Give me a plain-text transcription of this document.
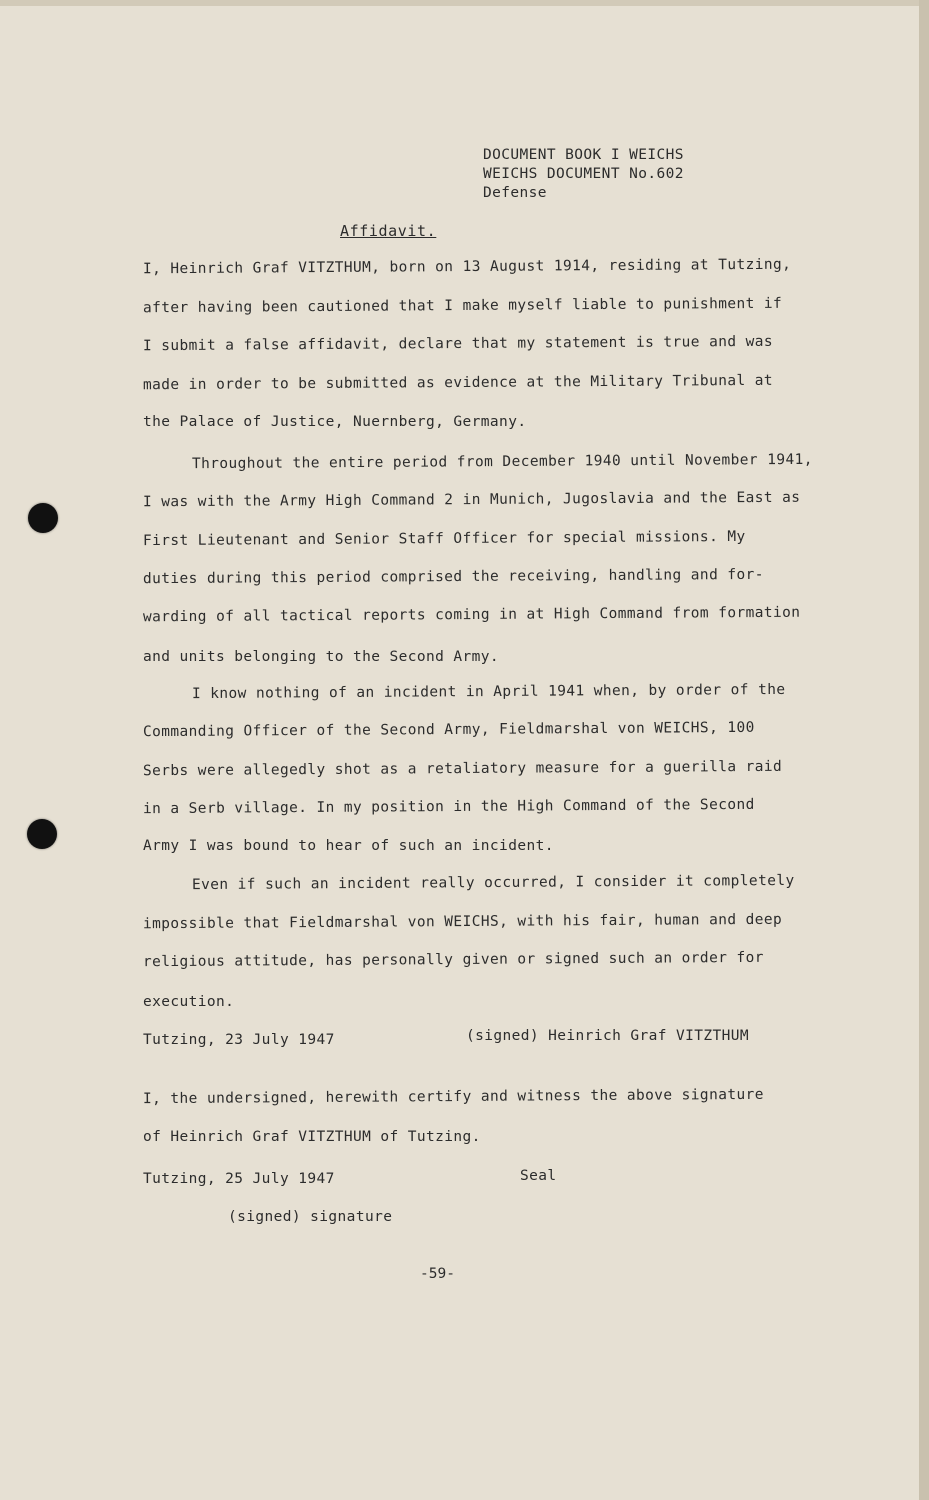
DOCUMENT BOOK I WEICHS
WEICHS DOCUMENT No.602
Defense
Affidavit.

I, Heinrich Graf VITZTHUM, born on 13 August 1914, residing at Tutzing,

after having been cautioned that I make myself liable to punishment if

I submit a false affidavit, declare that my statement is true and was

made in order to be submitted as evidence at the Military Tribunal at

the Palace of Justice, Nuernberg, Germany.

Throughout the entire period from December 1940 until November 1941,

I was with the Army High Command 2 in Munich, Jugoslavia and the East as

First Lieutenant and Senior Staff Officer for special missions. My

duties during this period comprised the receiving, handling and for-

warding of all tactical reports coming in at High Command from formation

and units belonging to the Second Army.

I know nothing of an incident in April 1941 when, by order of the

Commanding Officer of the Second Army, Fieldmarshal von WEICHS, 100

Serbs were allegedly shot as a retaliatory measure for a guerilla raid

in a Serb village. In my position in the High Command of the Second

Army I was bound to hear of such an incident.

Even if such an incident really occurred, I consider it completely

impossible that Fieldmarshal von WEICHS, with his fair, human and deep

religious attitude, has personally given or signed such an order for

execution.

Tutzing, 23 July 1947	(signed) Heinrich Graf VITZTHUM

I, the undersigned, herewith certify and witness the above signature

of Heinrich Graf VITZTHUM of Tutzing.

Tutzing, 25 July 1947	Seal

(signed) signature

-59-
